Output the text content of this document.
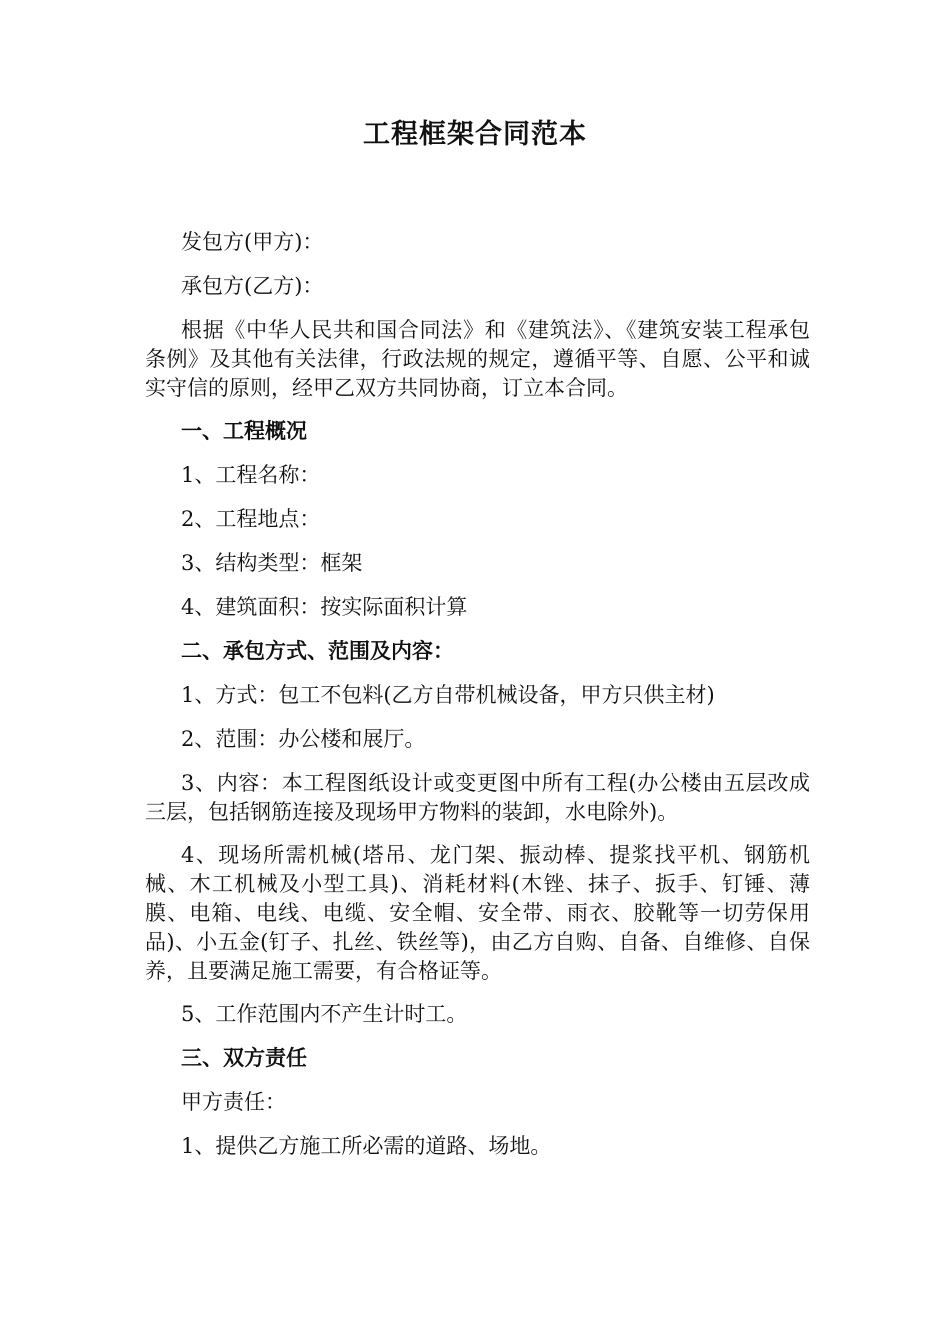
工程框架合同范本

发包方(甲方)：

承包方(乙方)：

根据《中华人民共和国合同法》和《建筑法》、《建筑安装工程承包条例》及其他有关法律，行政法规的规定，遵循平等、自愿、公平和诚实守信的原则，经甲乙双方共同协商，订立本合同。

一、工程概况

1、工程名称：

2、工程地点：

3、结构类型：框架

4、建筑面积：按实际面积计算

二、承包方式、范围及内容：

1、方式：包工不包料(乙方自带机械设备，甲方只供主材)

2、范围：办公楼和展厅。

3、内容：本工程图纸设计或变更图中所有工程(办公楼由五层改成三层，包括钢筋连接及现场甲方物料的装卸，水电除外)。

4、现场所需机械(塔吊、龙门架、振动棒、提浆找平机、钢筋机械、木工机械及小型工具)、消耗材料(木锉、抹子、扳手、钉锤、薄膜、电箱、电线、电缆、安全帽、安全带、雨衣、胶靴等一切劳保用品)、小五金(钉子、扎丝、铁丝等)，由乙方自购、自备、自维修、自保养，且要满足施工需要，有合格证等。

5、工作范围内不产生计时工。

三、双方责任

甲方责任：

1、提供乙方施工所必需的道路、场地。
